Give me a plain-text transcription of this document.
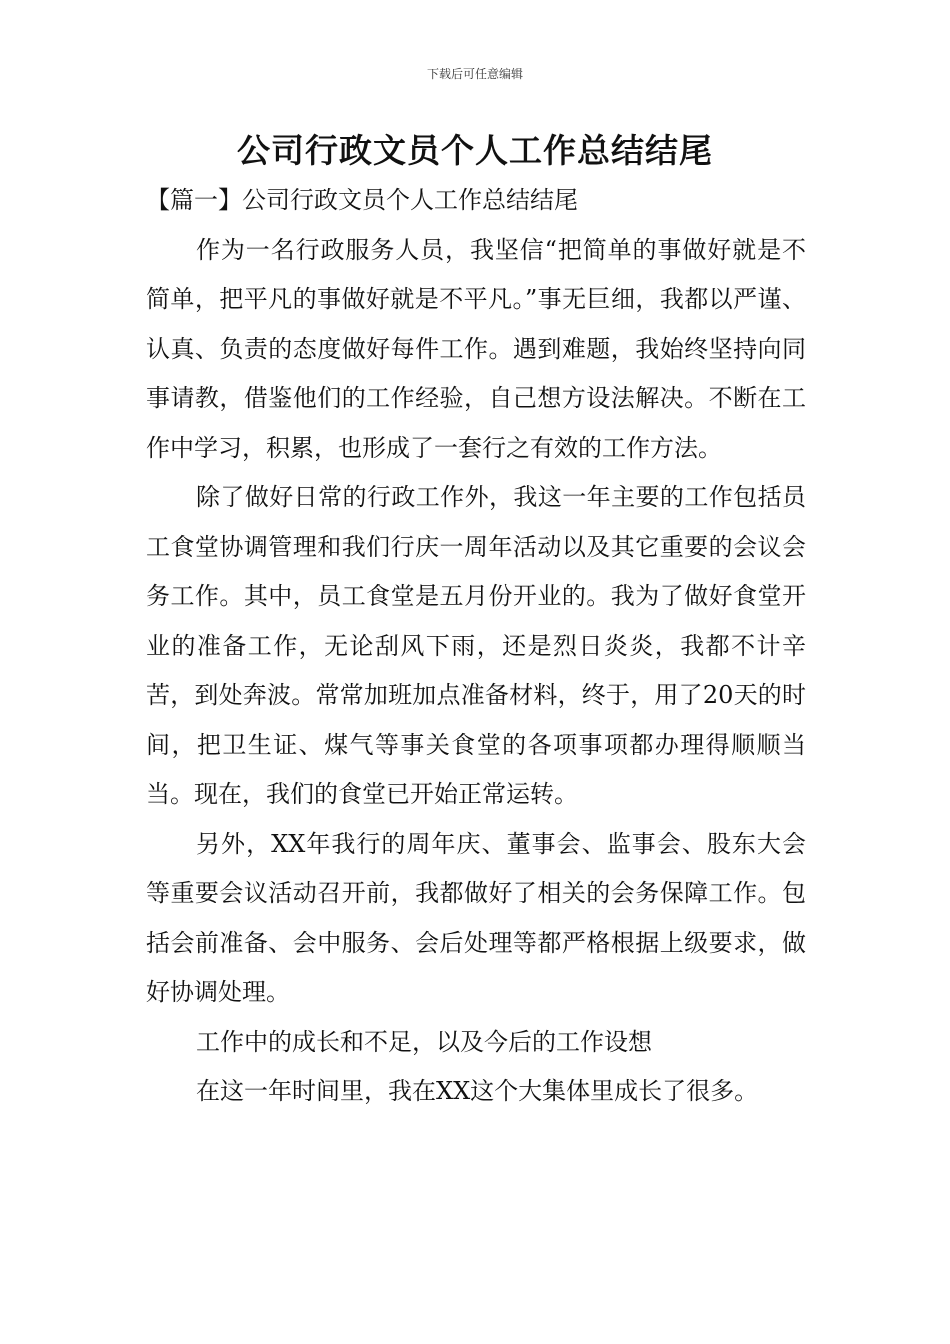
下载后可任意编辑
公司行政文员个人工作总结结尾

【篇一】公司行政文员个人工作总结结尾

作为一名行政服务人员，我坚信“把简单的事做好就是不简单，把平凡的事做好就是不平凡。”事无巨细，我都以严谨、认真、负责的态度做好每件工作。遇到难题，我始终坚持向同事请教，借鉴他们的工作经验，自己想方设法解决。不断在工作中学习，积累，也形成了一套行之有效的工作方法。

除了做好日常的行政工作外，我这一年主要的工作包括员工食堂协调管理和我们行庆一周年活动以及其它重要的会议会务工作。其中，员工食堂是五月份开业的。我为了做好食堂开业的准备工作，无论刮风下雨，还是烈日炎炎，我都不计辛苦，到处奔波。常常加班加点准备材料，终于，用了20天的时间，把卫生证、煤气等事关食堂的各项事项都办理得顺顺当当。现在，我们的食堂已开始正常运转。

另外，XX年我行的周年庆、董事会、监事会、股东大会等重要会议活动召开前，我都做好了相关的会务保障工作。包括会前准备、会中服务、会后处理等都严格根据上级要求，做好协调处理。

工作中的成长和不足，以及今后的工作设想

在这一年时间里，我在XX这个大集体里成长了很多。
